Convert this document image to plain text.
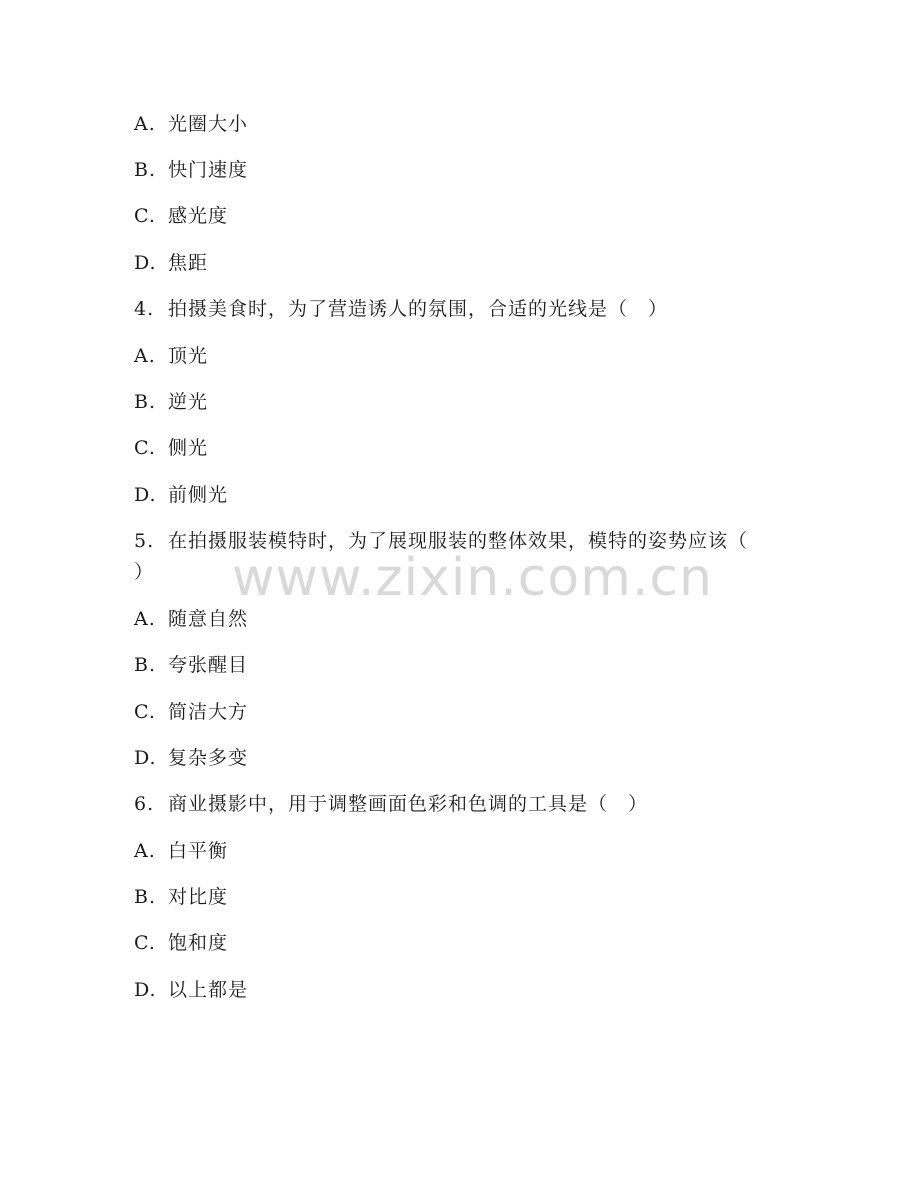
A. 光圈大小
B. 快门速度
C. 感光度
D. 焦距
4. 拍摄美食时，为了营造诱人的氛围，合适的光线是（　）
A. 顶光
B. 逆光
C. 侧光
D. 前侧光
5. 在拍摄服装模特时，为了展现服装的整体效果，模特的姿势应该（
）
A. 随意自然
B. 夸张醒目
C. 简洁大方
D. 复杂多变
6. 商业摄影中，用于调整画面色彩和色调的工具是（　）
A. 白平衡
B. 对比度
C. 饱和度
D. 以上都是
www.zixin.com.cn
